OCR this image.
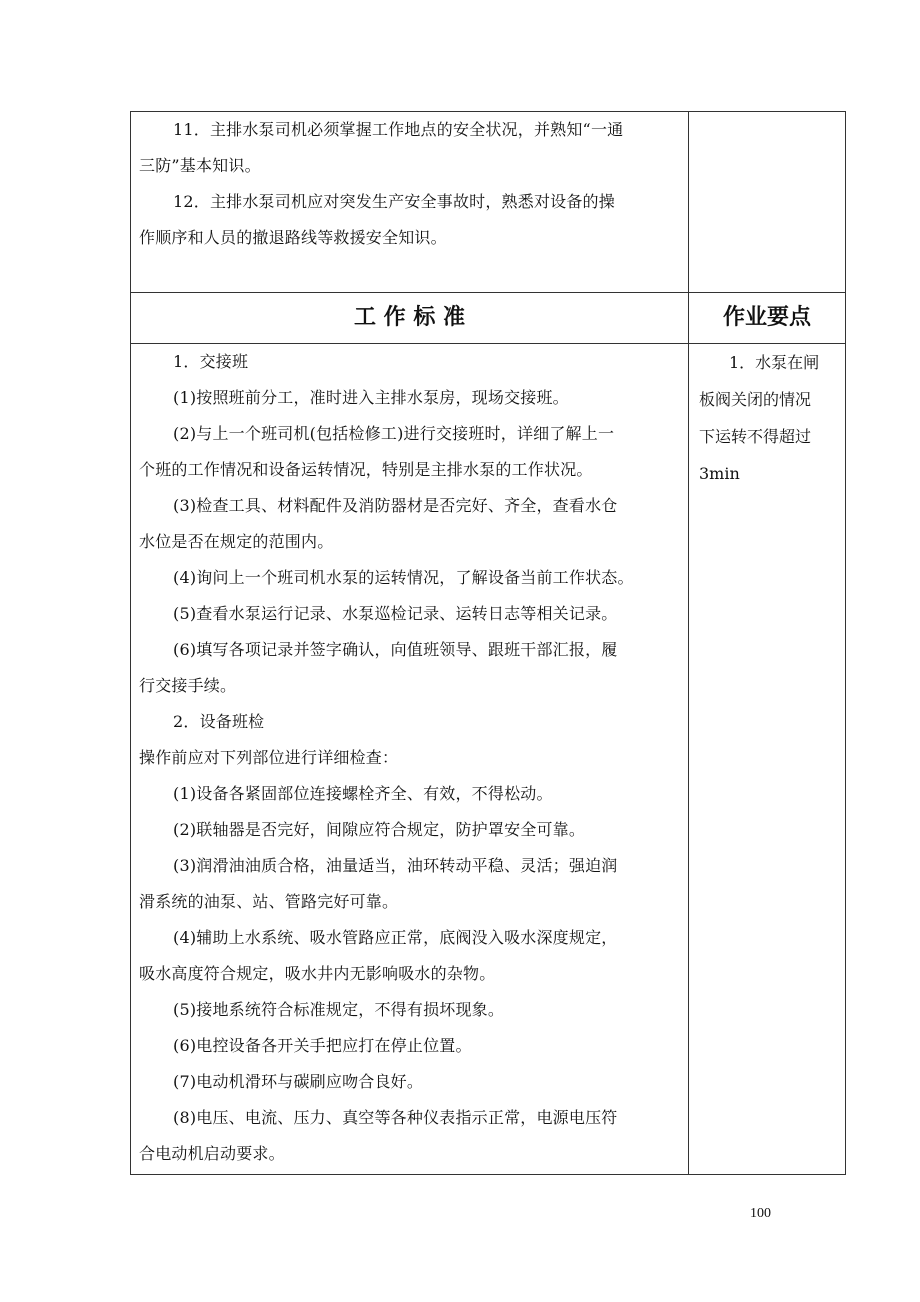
11．主排水泵司机必须掌握工作地点的安全状况，并熟知“一通

三防”基本知识。

12．主排水泵司机应对突发生产安全事故时，熟悉对设备的操

作顺序和人员的撤退路线等救援安全知识。

工 作 标 准	作业要点

1．交接班

(1)按照班前分工，准时进入主排水泵房，现场交接班。

(2)与上一个班司机(包括检修工)进行交接班时，详细了解上一

个班的工作情况和设备运转情况，特别是主排水泵的工作状况。

(3)检查工具、材料配件及消防器材是否完好、齐全，查看水仓

水位是否在规定的范围内。

(4)询问上一个班司机水泵的运转情况，了解设备当前工作状态。

(5)查看水泵运行记录、水泵巡检记录、运转日志等相关记录。

(6)填写各项记录并签字确认，向值班领导、跟班干部汇报，履

行交接手续。

2．设备班检

操作前应对下列部位进行详细检查：

(1)设备各紧固部位连接螺栓齐全、有效，不得松动。

(2)联轴器是否完好，间隙应符合规定，防护罩安全可靠。

(3)润滑油油质合格，油量适当，油环转动平稳、灵活；强迫润

滑系统的油泵、站、管路完好可靠。

(4)辅助上水系统、吸水管路应正常，底阀没入吸水深度规定，

吸水高度符合规定，吸水井内无影响吸水的杂物。

(5)接地系统符合标准规定，不得有损坏现象。

(6)电控设备各开关手把应打在停止位置。

(7)电动机滑环与碳刷应吻合良好。

(8)电压、电流、压力、真空等各种仪表指示正常，电源电压符

合电动机启动要求。

1．水泵在闸
板阀关闭的情况
下运转不得超过
3min
100
